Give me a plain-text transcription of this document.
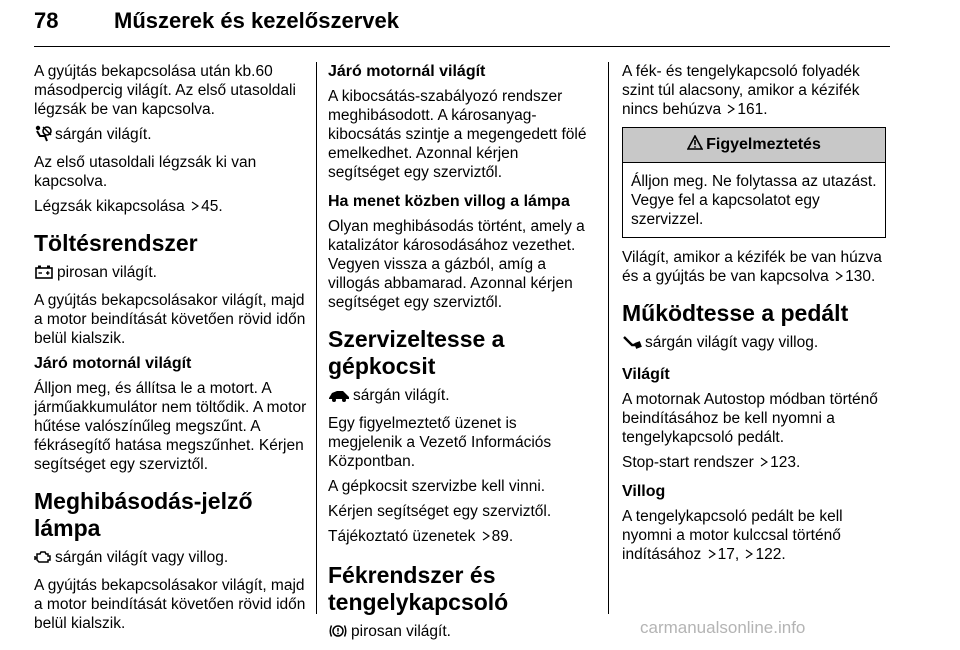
78	Műszerek és kezelőszervek

A gyújtás bekapcsolása után kb.60 másodpercig világít. Az első utasoldali légzsák be van kapcsolva.

sárgán világít.

Az első utasoldali légzsák ki van kapcsolva.

Légzsák kikapcsolása 45.

Töltésrendszer

pirosan világít.

A gyújtás bekapcsolásakor világít, majd a motor beindítását követően rövid időn belül kialszik.

Járó motornál világít

Álljon meg, és állítsa le a motort. A járműakkumulátor nem töltődik. A motor hűtése valószínűleg megszűnt. A fékrásegítő hatása megszűnhet. Kérjen segítséget egy szerviztől.

Meghibásodás-jelző lámpa

sárgán világít vagy villog.

A gyújtás bekapcsolásakor világít, majd a motor beindítását követően rövid időn belül kialszik.

Járó motornál világít

A kibocsátás-szabályozó rendszer meghibásodott. A károsanyag-kibocsátás szintje a megengedett fölé emelkedhet. Azonnal kérjen segítséget egy szerviztől.

Ha menet közben villog a lámpa

Olyan meghibásodás történt, amely a katalizátor károsodásához vezethet. Vegyen vissza a gázból, amíg a villogás abbamarad. Azonnal kérjen segítséget egy szerviztől.

Szervizeltesse a gépkocsit

sárgán világít.

Egy figyelmeztető üzenet is megjelenik a Vezető Információs Központban.

A gépkocsit szervizbe kell vinni.

Kérjen segítséget egy szerviztől.

Tájékoztató üzenetek 89.

Fékrendszer és
tengelykapcsoló

pirosan világít.

A fék- és tengelykapcsoló folyadék szint túl alacsony, amikor a kézifék nincs behúzva 161.

Figyelmeztetés
Álljon meg. Ne folytassa az utazást. Vegye fel a kapcsolatot egy szervizzel.

Világít, amikor a kézifék be van húzva és a gyújtás be van kapcsolva 130.

Működtesse a pedált

sárgán világít vagy villog.

Világít

A motornak Autostop módban történő beindításához be kell nyomni a tengelykapcsoló pedált.

Stop-start rendszer 123.

Villog

A tengelykapcsoló pedált be kell nyomni a motor kulccsal történő indításához 17, 122.

carmanualsonline.info
